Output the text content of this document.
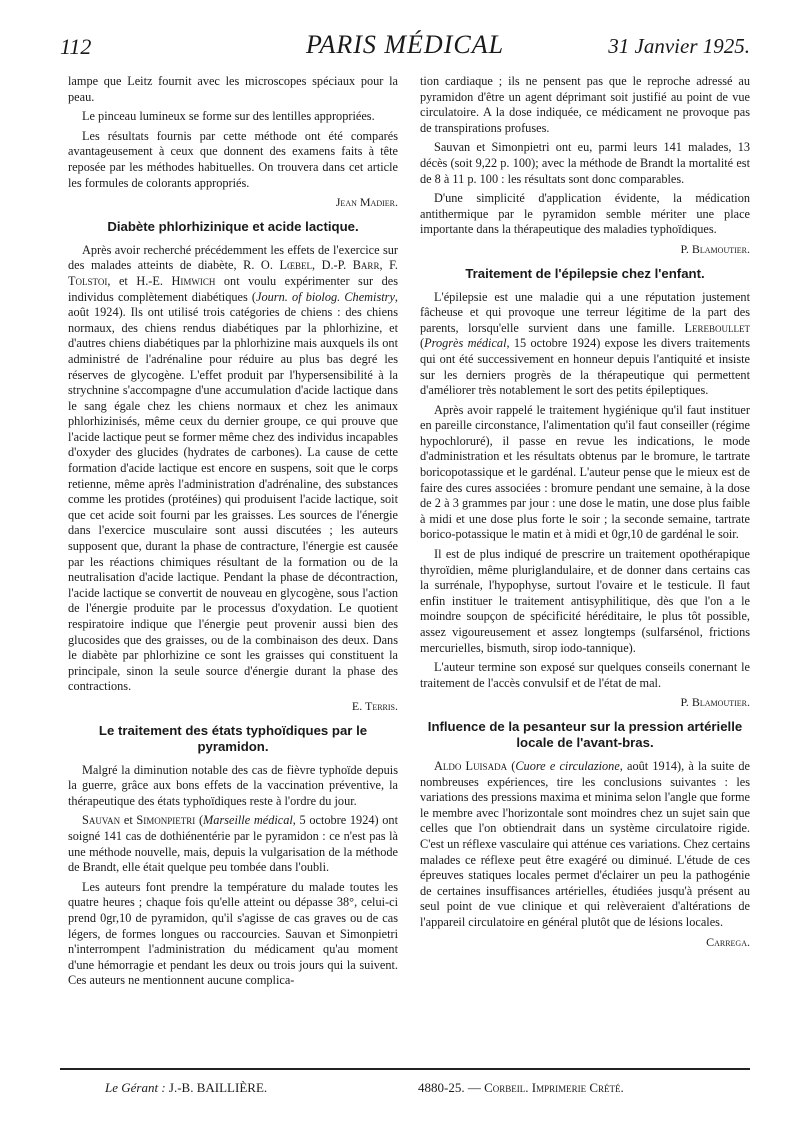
112	PARIS MÉDICAL	31 Janvier 1925.

lampe que Leitz fournit avec les microscopes spéciaux pour la peau.

Le pinceau lumineux se forme sur des lentilles appropriées.

Les résultats fournis par cette méthode ont été comparés avantageusement à ceux que donnent des examens faits à tête reposée par les méthodes habituelles. On trouvera dans cet article les formules de colorants appropriés.

Jean Madier.
Diabète phlorhizinique et acide lactique.

Après avoir recherché précédemment les effets de l'exercice sur des malades atteints de diabète, R. O. Lœbel, D.-P. Barr, F. Tolstoi, et H.-E. Himwich ont voulu expérimenter sur des individus complètement diabétiques (Journ. of biolog. Chemistry, août 1924). Ils ont utilisé trois catégories de chiens : des chiens normaux, des chiens rendus diabétiques par la phlorhizine, et d'autres chiens diabétiques par la phlorhizine mais auxquels ils ont administré de l'adrénaline pour réduire au plus bas degré les réserves de glycogène. L'effet produit par l'hypersensibilité à la strychnine s'accompagne d'une accumulation d'acide lactique dans le sang égale chez les chiens normaux et chez les animaux phlorhizinisés, même ceux du dernier groupe, ce qui prouve que l'acide lactique peut se former même chez des individus incapables d'oxyder des glucides (hydrates de carbones). La cause de cette formation d'acide lactique est encore en suspens, soit que le corps retienne, même après l'administration d'adrénaline, des substances comme les protides (protéines) qui produisent l'acide lactique, soit que cet acide soit fourni par les graisses. Les sources de l'énergie dans l'exercice musculaire sont aussi discutées ; les auteurs supposent que, durant la phase de contracture, l'énergie est causée par les réactions chimiques résultant de la formation ou de la neutralisation d'acide lactique. Pendant la phase de décontraction, l'acide lactique se convertit de nouveau en glycogène, sous l'action de l'énergie produite par le processus d'oxydation. Le quotient respiratoire indique que l'énergie peut provenir aussi bien des glucosides que des graisses, ou de la combinaison des deux. Dans le diabète par phlorhizine ce sont les graisses qui constituent la principale, sinon la seule source d'énergie durant la phase des contractions.

E. Terris.
Le traitement des états typhoïdiques par le pyramidon.

Malgré la diminution notable des cas de fièvre typhoïde depuis la guerre, grâce aux bons effets de la vaccination préventive, la thérapeutique des états typhoïdiques reste à l'ordre du jour.

Sauvan et Simonpietri (Marseille médical, 5 octobre 1924) ont soigné 141 cas de dothiénentérie par le pyramidon : ce n'est pas là une méthode nouvelle, mais, depuis la vulgarisation de la méthode de Brandt, elle était quelque peu tombée dans l'oubli.

Les auteurs font prendre la température du malade toutes les quatre heures ; chaque fois qu'elle atteint ou dépasse 38°, celui-ci prend 0gr,10 de pyramidon, qu'il s'agisse de cas graves ou de cas légers, de formes longues ou raccourcies. Sauvan et Simonpietri n'interrompent l'administration du médicament qu'au moment d'une hémorragie et pendant les deux ou trois jours qui la suivent. Ces auteurs ne mentionnent aucune complica-

tion cardiaque ; ils ne pensent pas que le reproche adressé au pyramidon d'être un agent déprimant soit justifié au point de vue circulatoire. A la dose indiquée, ce médicament ne provoque pas de transpirations profuses.

Sauvan et Simonpietri ont eu, parmi leurs 141 malades, 13 décès (soit 9,22 p. 100); avec la méthode de Brandt la mortalité est de 8 à 11 p. 100 : les résultats sont donc comparables.

D'une simplicité d'application évidente, la médication antithermique par le pyramidon semble mériter une place importante dans la thérapeutique des maladies typhoïdiques.

P. Blamoutier.
Traitement de l'épilepsie chez l'enfant.

L'épilepsie est une maladie qui a une réputation justement fâcheuse et qui provoque une terreur légitime de la part des parents, lorsqu'elle survient dans une famille. Lereboullet (Progrès médical, 15 octobre 1924) expose les divers traitements qui ont été successivement en honneur depuis l'antiquité et insiste sur les derniers progrès de la thérapeutique qui permettent d'améliorer très notablement le sort des petits épileptiques.

Après avoir rappelé le traitement hygiénique qu'il faut instituer en pareille circonstance, l'alimentation qu'il faut conseiller (régime hypochloruré), il passe en revue les indications, le mode d'administration et les résultats obtenus par le bromure, le tartrate boricopotassique et le gardénal. L'auteur pense que le mieux est de faire des cures associées : bromure pendant une semaine, à la dose de 2 à 3 grammes par jour : une dose le matin, une dose plus faible à midi et une dose plus forte le soir ; la seconde semaine, tartrate borico-potassique le matin et à midi et 0gr,10 de gardénal le soir.

Il est de plus indiqué de prescrire un traitement opothérapique thyroïdien, même pluriglandulaire, et de donner dans certains cas la surrénale, l'hypophyse, surtout l'ovaire et le testicule. Il faut enfin instituer le traitement antisyphilitique, dès que l'on a le moindre soupçon de spécificité héréditaire, le plus tôt possible, assez vigoureusement et assez longtemps (sulfarsénol, frictions mercurielles, bismuth, sirop iodo-tannique).

L'auteur termine son exposé sur quelques conseils conernant le traitement de l'accès convulsif et de l'état de mal.

P. Blamoutier.
Influence de la pesanteur sur la pression artérielle locale de l'avant-bras.

Aldo Luisada (Cuore e circulazione, août 1914), à la suite de nombreuses expériences, tire les conclusions suivantes : les variations des pressions maxima et minima selon l'angle que forme le membre avec l'horizontale sont moindres chez un sujet sain que celles que l'on obtiendrait dans un système circulatoire rigide. C'est un réflexe vasculaire qui atténue ces variations. Chez certains malades ce réflexe peut être exagéré ou diminué. L'étude de ces épreuves statiques locales permet d'éclairer un peu la pathogénie de certaines insuffisances artérielles, étudiées jusqu'à présent au seul point de vue clinique et qui relèveraient d'altérations de l'appareil circulatoire en général plutôt que de lésions locales.

Carrega.
Le Gérant : J.-B. BAILLIÈRE.	4880-25. — Corbeil. Imprimerie Crété.
